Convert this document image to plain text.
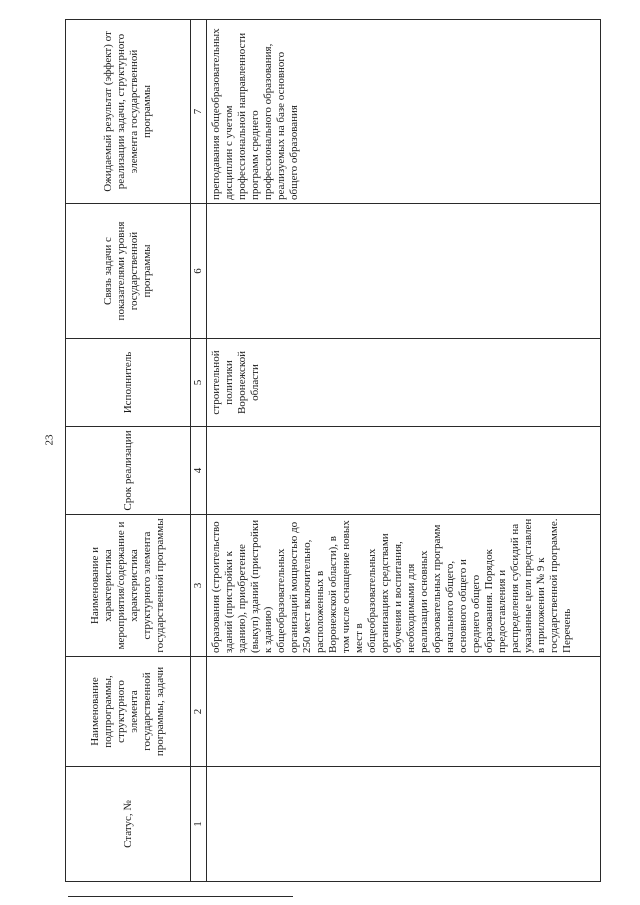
23
Статус, №	Наименование подпрограммы, структурного элемента государственной программы, задачи	Наименование и характеристика мероприятия/содержание и характеристика структурного элемента государственной программы	Срок реализации	Исполнитель	Связь задачи с показателями уровня государственной программы	Ожидаемый результат (эффект) от реализации задачи, структурного элемента государственной программы
1	2	3	4	5	6	7
		образования (строительство зданий (пристройки к зданию), приобретение (выкуп) зданий (пристройки к зданию) общеобразовательных организаций мощностью до 250 мест включительно, расположенных в Воронежской области), в том числе оснащение новых мест в общеобразовательных организациях средствами обучения и воспитания, необходимыми для реализации основных образовательных программ начального общего, основного общего и среднего общего образования. Порядок предоставления и распределения субсидий на указанные цели представлен в приложении № 9 к государственной программе. Перечень		строительной политики Воронежской области		преподавания общеобразовательных дисциплин с учетом профессиональной направленности программ среднего профессионального образования, реализуемых на базе основного общего образования
